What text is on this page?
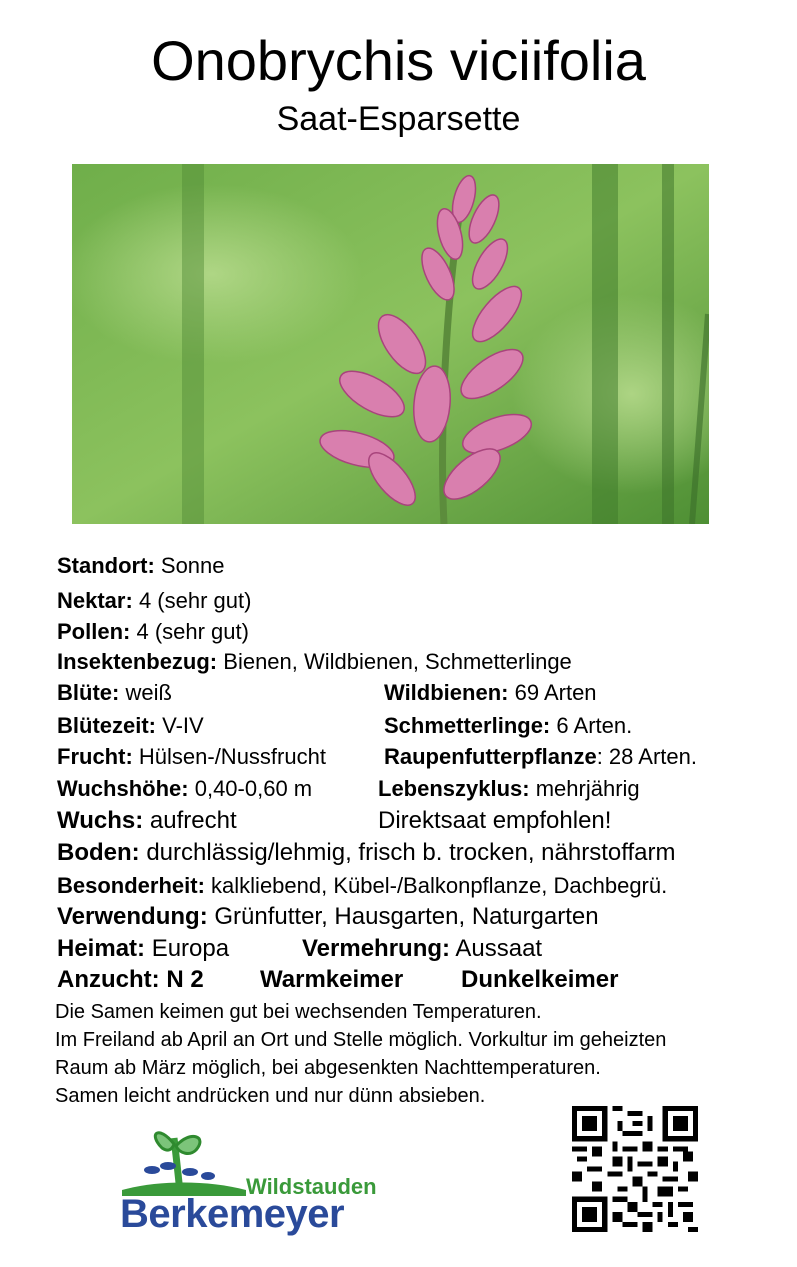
Onobrychis viciifolia
Saat-Esparsette
Standort: Sonne
Nektar: 4 (sehr gut)
Pollen: 4 (sehr gut)
Insektenbezug: Bienen, Wildbienen, Schmetterlinge
Blüte: weiß	Wildbienen: 69 Arten
Blütezeit: V-IV	Schmetterlinge: 6 Arten.
Frucht: Hülsen-/Nussfrucht	Raupenfutterpflanze: 28 Arten.
Wuchshöhe: 0,40-0,60 m	Lebenszyklus: mehrjährig
Wuchs: aufrecht	Direktsaat empfohlen!
Boden: durchlässig/lehmig, frisch b. trocken, nährstoffarm
Besonderheit: kalkliebend, Kübel-/Balkonpflanze, Dachbegrü.
Verwendung: Grünfutter, Hausgarten, Naturgarten
Heimat: Europa	Vermehrung: Aussaat
Anzucht: N 2 Warmkeimer Dunkelkeimer
Die Samen keimen gut bei wechsenden Temperaturen.
Im Freiland ab April an Ort und Stelle möglich. Vorkultur im geheizten
Raum ab März möglich, bei abgesenkten Nachttemperaturen.
Samen leicht andrücken und nur dünn absieben.
Wildstauden
Berkemeyer
